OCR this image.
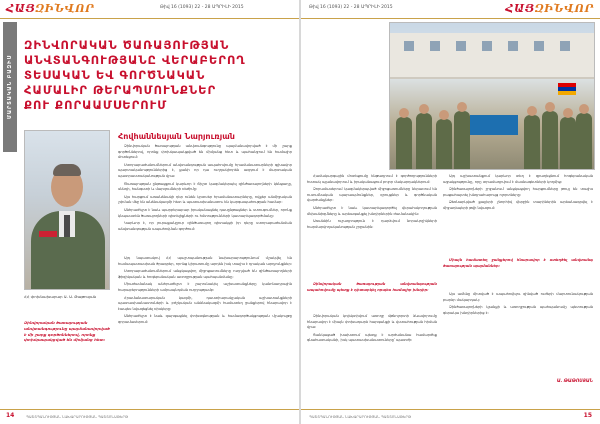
ՀԱՅԶԻՆՎՈՐ	Թիվ 16 (1093) 22 - 28 ԱՊՐԻԼԻ 2015
ՄԱՐՏԱԿԱՆ ԲԱԶԻՍ
ԶԻՆՎՈՐԱԿԱՆ ԾԱՌԱՅՈՒԹՅԱՆ
ԱՆՎՏԱՆԳՈՒԹՅԱՆԸ ՎԵՐԱԲԵՐՈՂ
ՏԵՍԱԿԱՆ ԵՎ ԳՈՐԾՆԱԿԱՆ
ՀԱՄԱԼԻՐ ԹԵՐԱՊՄՈՒՆՔՆԵՐ
ՔՈՒ ՔՈՐԱԱՄՍԵՐՈՒՄ
Հովհաննեսյան Նարյուռյան

Զինվորական ծառայության անվտանգությունը պայմանավորված է մի շարք գործոններով, որոնք փոխկապակցված են միմյանց հետ և պահանջում են համալիր մոտեցում։

Ստորաբաժանումներում անվտանգության ապահովումը հրամանատարների գլխավոր պարտականություններից է, քանի որ դա ուղղակիորեն ազդում է մարտական պատրաստականության վրա։

Ծառայության ընթացքում կարևոր է ճիշտ կազմակերպել զինծառայողների կենցաղը, սննդի, հանգստի և մարզումների ռեժիմը։

Այս հարցում առանձնակի դեր ունեն կրտսեր հրամանատարները, ովքեր անմիջական շփման մեջ են անձնակազմի հետ և պատասխանատու են կարգապահության համար։

Անհրաժեշտ է նաև պարբերաբար իրականացնել դասընթացներ և ստուգումներ, որոնք կնպաստեն ծառայողների գիտելիքների ու հմտությունների կատարելագործմանը։

Կարևոր է, որ յուրաքանչյուր զինծառայող գիտակցի իր դերը ստորաբաժանման անվտանգության ապահովման գործում։

Այդ նպատակով ՀՀ պաշտպանության նախարարությունում մշակվել են համապատասխան ծրագրեր, որոնց կիրառումը արդեն իսկ տալիս է դրական արդյունքներ։

Ստորաբաժանումներում անցկացվող միջոցառումները ուղղված են զինծառայողների ֆիզիկական և հոգեբանական առողջության պահպանմանը։

Միաժամանակ անհրաժեշտ է շարունակել աշխատանքները կանոնադրային հարաբերությունների ամրապնդման ուղղությամբ։

Հրամանատարական կազմի, դաստիարակչական աշխատանքների պատասխանատուների և բժշկական անձնակազմի համատեղ ջանքերով հնարավոր է էապես նվազեցնել ռիսկերը։

Անհրաժեշտ է նաև զարգացնել փոխօգնության և համագործակցության մշակույթը զորամասերում։

ՀՀ փոխնախարար Ա. Ա. Թաթոսյան
Զինվորական ծառայության անվտանգությունը պայմանավորված է մի շարք գործոններով, որոնք փոխկապակցված են միմյանց հետ։
14	ՊԱՇՏՊԱՆՈՒԹՅԱՆ ՆԱԽԱՐԱՐՈՒԹՅԱՆ ՊԱՇՏՈՆԱԹԵՐԹ
Թիվ 16 (1093) 22 - 28 ԱՊՐԻԼԻ 2015	ՀԱՅԶԻՆՎՈՐ

Համակարգային մոտեցումը ենթադրում է գործողությունների հստակ պլանավորում և իրականացում բոլոր մակարդակներում։

Զորամասերում կազմակերպված միջոցառումները ներառում են ուսումնական պարապմունքներ, զրույցներ և գործնական վարժանքներ։

Անհրաժեշտ է նաև կատարելագործել վերահսկողության մեխանիզմները և արձագանքել խնդիրներին ժամանակին։

Առանձին ուշադրություն է դարձվում նորակոչիկների հարմարվողականության շրջանին։

Այդ աշխատանքում կարևոր տեղ է զբաղեցնում հոգեբանական աջակցությունը, որը տրամադրվում է մասնագետների կողմից։

Զինծառայողների շրջանում անցկացվող հարցումները թույլ են տալիս բացահայտել խնդրահարույց ոլորտները։

Ձեռնարկված քայլերի շնորհիվ վերջին տարիներին արձանագրվել է միջադեպերի թվի նվազում։

Զինվորական ծառայության անվտանգության ապահովումը պետք է դիտարկել որպես համալիր խնդիր։

Միայն համատեղ ջանքերով հնարավոր է ստեղծել անվտանգ ծառայության պայմաններ։

Զինվորական կոլեկտիվում առողջ մթնոլորտի ձևավորումը հնարավոր է միայն փոխադարձ հարգանքի և վստահության հիման վրա։

Ցանկացած խախտում պետք է արժանանա համարժեք գնահատականի, իսկ պատասխանատուները՝ պատժի։

Այս ամենը միտված է ապահովելու զինված ուժերի մարտունակության բարձր մակարդակ։

Զինծառայողների կյանքի և առողջության պահպանումը պետության գերակա խնդիրներից է։

Ա. ԹԱԹՈՍՅԱՆ
ՊԱՇՏՊԱՆՈՒԹՅԱՆ ՆԱԽԱՐԱՐՈՒԹՅԱՆ ՊԱՇՏՈՆԱԹԵՐԹ	15
